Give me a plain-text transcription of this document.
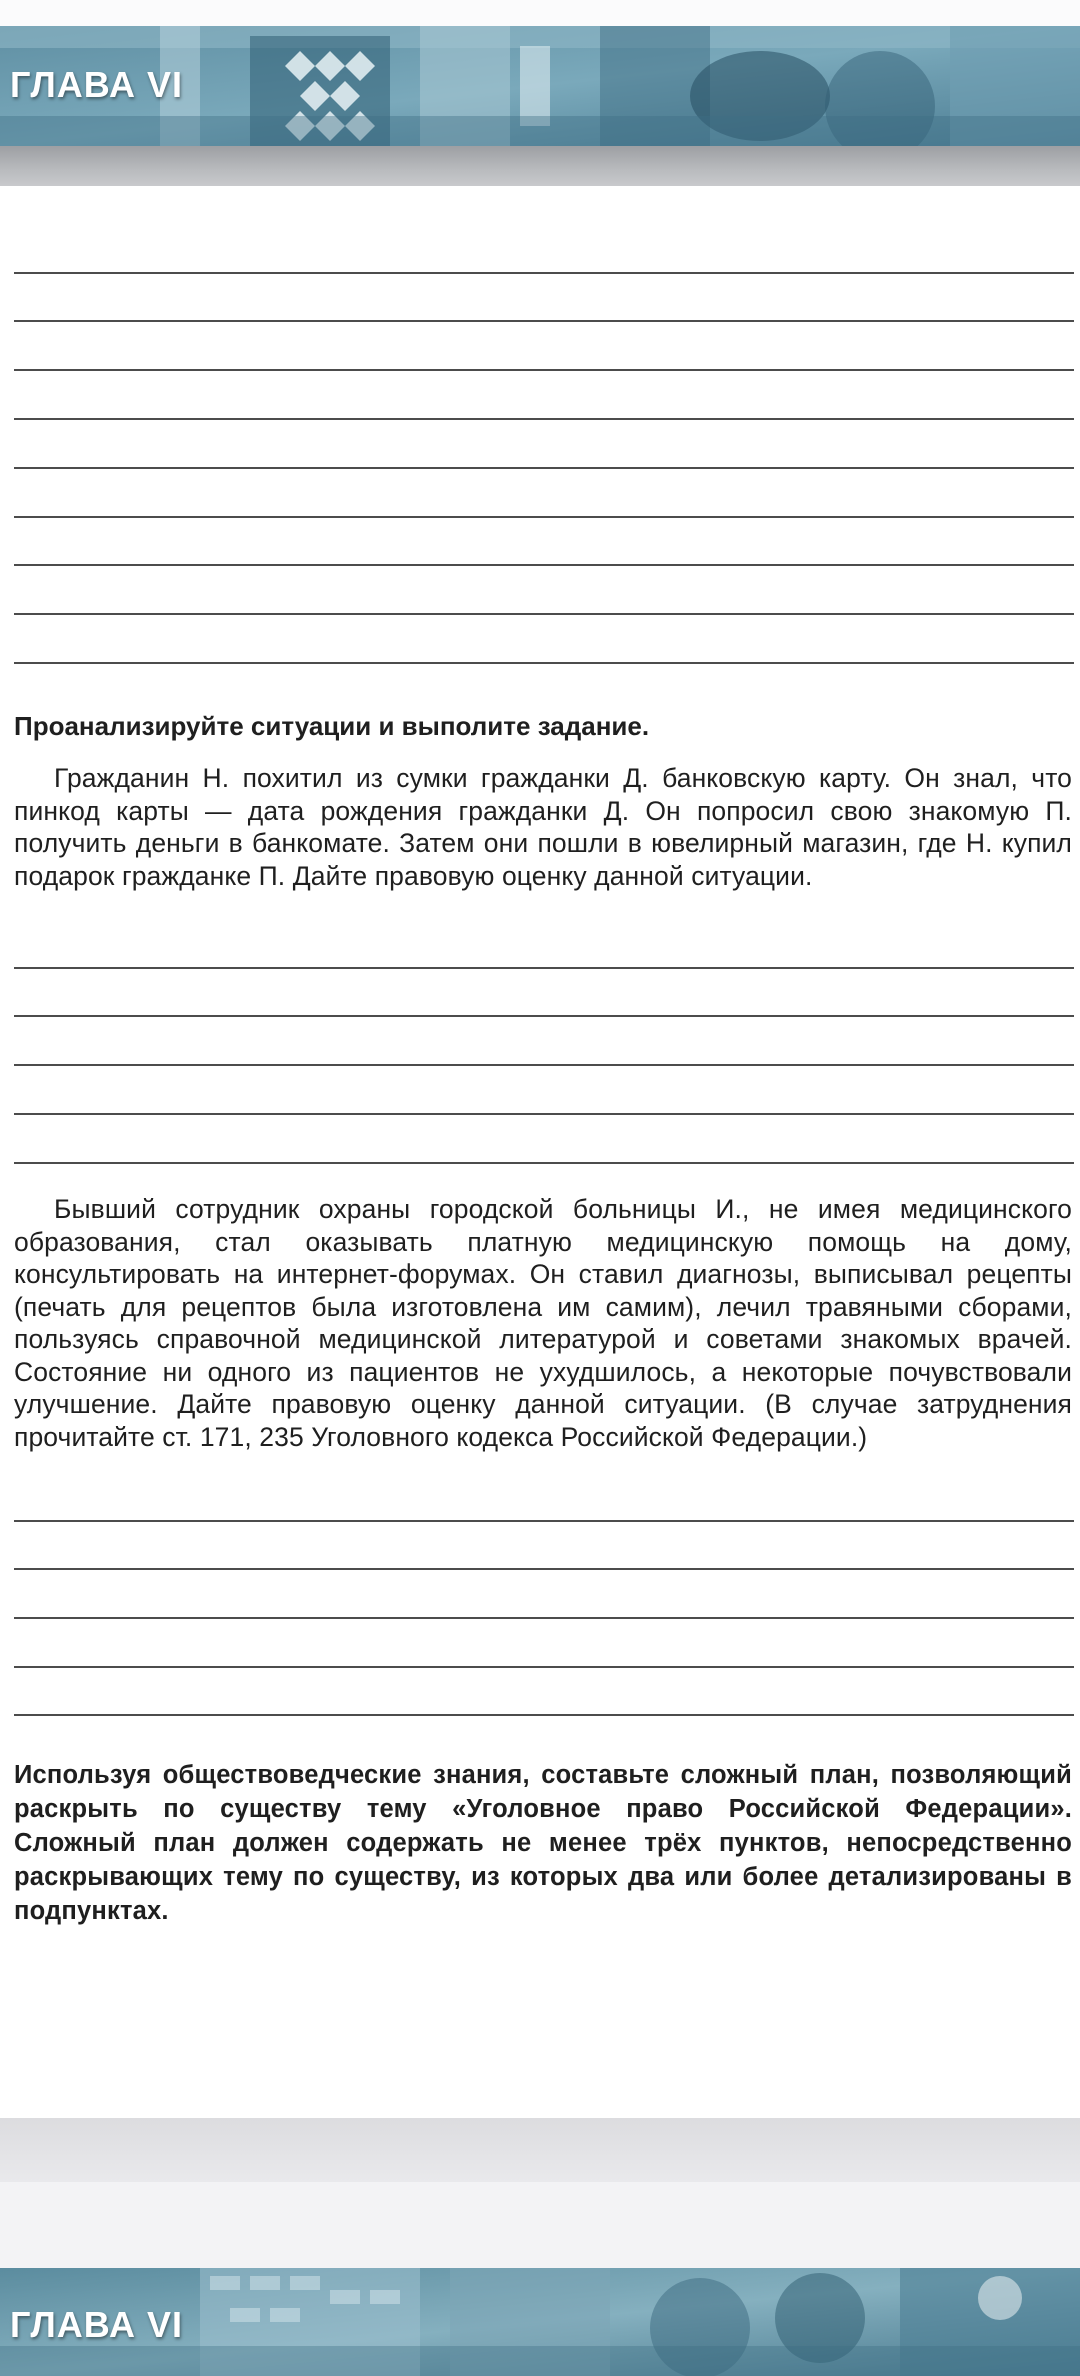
ГЛАВА VI
Проанализируйте ситуации и выполите задание.
Гражданин Н. похитил из сумки гражданки Д. банковскую карту. Он знал, что пинкод карты — дата рождения гражданки Д. Он попросил свою знакомую П. получить деньги в банкомате. Затем они пошли в ювелирный магазин, где Н. купил подарок гражданке П. Дайте правовую оценку данной ситуации.
Бывший сотрудник охраны городской больницы И., не имея медицинского образования, стал оказывать платную медицинскую помощь на дому, консультировать на интернет-форумах. Он ставил диагнозы, выписывал рецепты (печать для рецептов была изготовлена им самим), лечил травяными сборами, пользуясь справочной медицинской литературой и советами знакомых врачей. Состояние ни одного из пациентов не ухудшилось, а некоторые почувствовали улучшение. Дайте правовую оценку данной ситуации. (В случае затруднения прочитайте ст. 171, 235 Уголовного кодекса Российской Федерации.)
Используя обществоведческие знания, составьте сложный план, позволяющий раскрыть по существу тему «Уголовное право Российской Федерации». Сложный план должен содержать не менее трёх пунктов, непосредственно раскрывающих тему по существу, из которых два или более детализированы в подпунктах.
ГЛАВА VI
